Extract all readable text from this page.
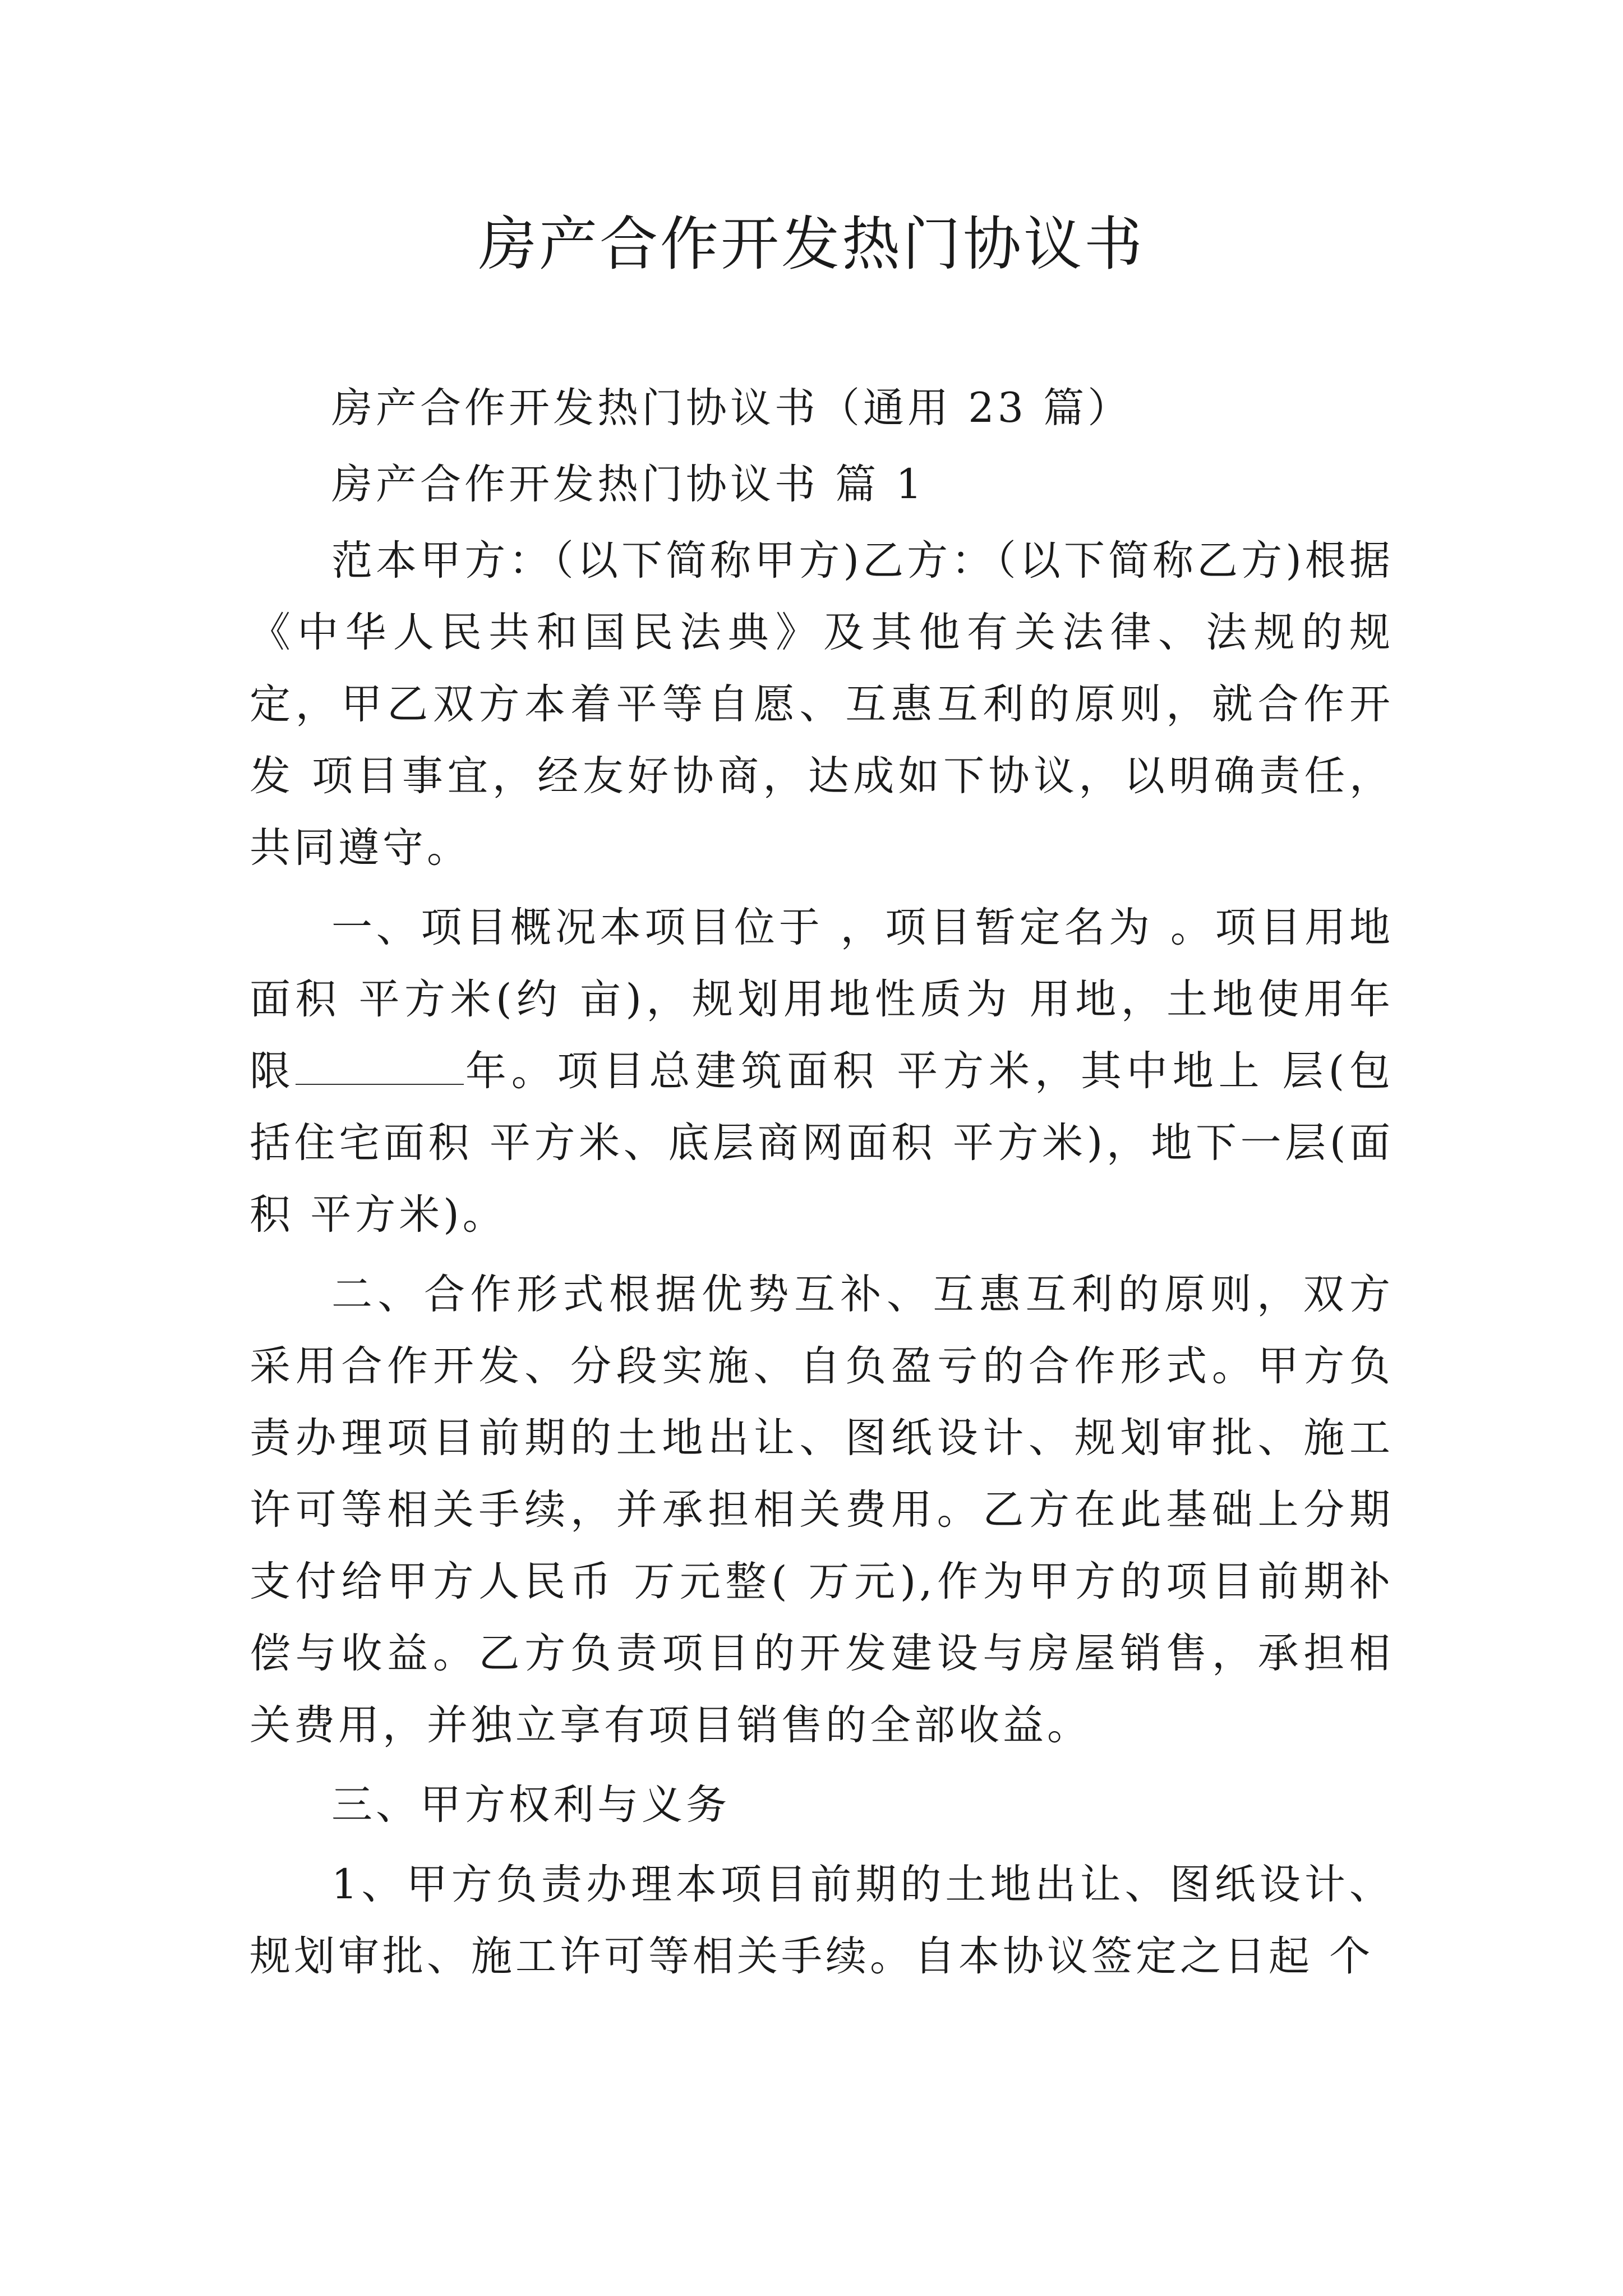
房产合作开发热门协议书

房产合作开发热门协议书（通用 23 篇）

房产合作开发热门协议书 篇 1

范本甲方：（以下简称甲方)乙方：（以下简称乙方)根据《中华人民共和国民法典》及其他有关法律、法规的规定，甲乙双方本着平等自愿、互惠互利的原则，就合作开发 项目事宜，经友好协商，达成如下协议，以明确责任，共同遵守。

一、项目概况本项目位于 ，项目暂定名为 。项目用地面积 平方米(约 亩)，规划用地性质为 用地，土地使用年限	年。项目总建筑面积 平方米，其中地上 层(包括住宅面积 平方米、底层商网面积 平方米)，地下一层(面积 平方米)。

二、合作形式根据优势互补、互惠互利的原则，双方采用合作开发、分段实施、自负盈亏的合作形式。甲方负责办理项目前期的土地出让、图纸设计、规划审批、施工许可等相关手续，并承担相关费用。乙方在此基础上分期支付给甲方人民币 万元整( 万元),作为甲方的项目前期补偿与收益。乙方负责项目的开发建设与房屋销售，承担相关费用，并独立享有项目销售的全部收益。

三、甲方权利与义务

1、甲方负责办理本项目前期的土地出让、图纸设计、规划审批、施工许可等相关手续。自本协议签定之日起 个
